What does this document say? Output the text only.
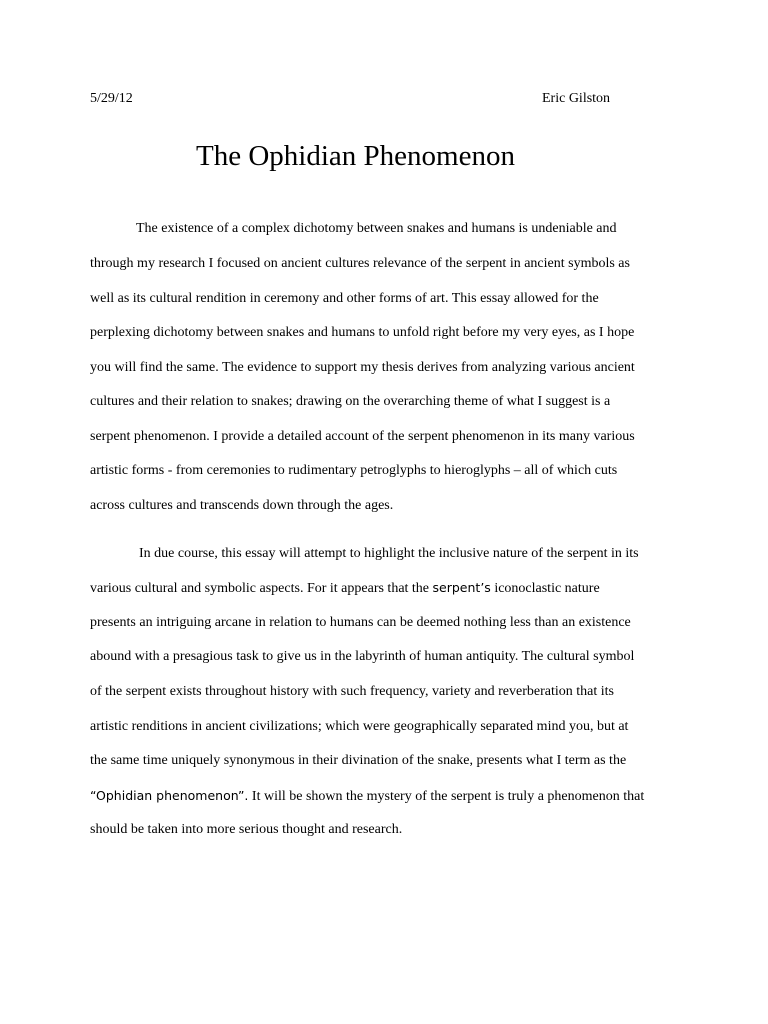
5/29/12	Eric Gilston
The Ophidian Phenomenon
The existence of a complex dichotomy between snakes and humans is undeniable and
through my research I focused on ancient cultures relevance of the serpent in ancient symbols as
well as its cultural rendition in ceremony and other forms of art. This essay allowed for the
perplexing dichotomy between snakes and humans to unfold right before my very eyes, as I hope
you will find the same. The evidence to support my thesis derives from analyzing various ancient
cultures and their relation to snakes; drawing on the overarching theme of what I suggest is a
serpent phenomenon. I provide a detailed account of the serpent phenomenon in its many various
artistic forms - from ceremonies to rudimentary petroglyphs to hieroglyphs – all of which cuts
across cultures and transcends down through the ages.
In due course, this essay will attempt to highlight the inclusive nature of the serpent in its
various cultural and symbolic aspects. For it appears that the serpent’s iconoclastic nature
presents an intriguing arcane in relation to humans can be deemed nothing less than an existence
abound with a presagious task to give us in the labyrinth of human antiquity. The cultural symbol
of the serpent exists throughout history with such frequency, variety and reverberation that its
artistic renditions in ancient civilizations; which were geographically separated mind you, but at
the same time uniquely synonymous in their divination of the snake, presents what I term as the
“Ophidian phenomenon”. It will be shown the mystery of the serpent is truly a phenomenon that
should be taken into more serious thought and research.
